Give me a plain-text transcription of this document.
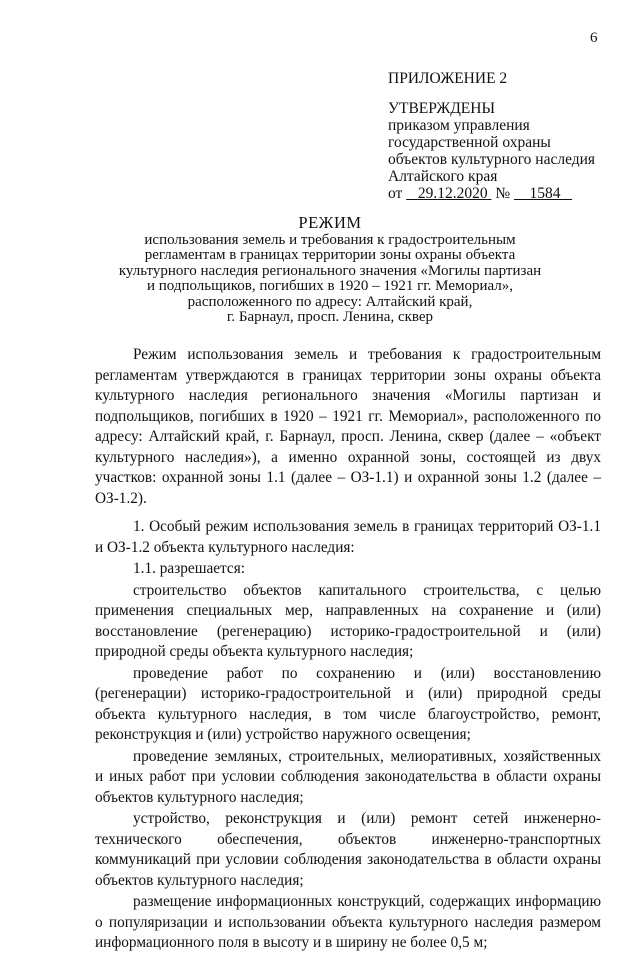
6
ПРИЛОЖЕНИЕ 2
УТВЕРЖДЕНЫ
приказом управления
государственной охраны
объектов культурного наследия
Алтайского края
от 29.12.2020 № 1584
РЕЖИМ
использования земель и требования к градостроительным
регламентам в границах территории зоны охраны объекта
культурного наследия регионального значения «Могилы партизан
и подпольщиков, погибших в 1920 – 1921 гг. Мемориал»,
расположенного по адресу: Алтайский край,
г. Барнаул, просп. Ленина, сквер

Режим использования земель и требования к градостроительным регламентам утверждаются в границах территории зоны охраны объекта культурного наследия регионального значения «Могилы партизан и подпольщиков, погибших в 1920 – 1921 гг. Мемориал», расположенного по адресу: Алтайский край, г. Барнаул, просп. Ленина, сквер (далее – «объект культурного наследия»), а именно охранной зоны, состоящей из двух участков: охранной зоны 1.1 (далее – ОЗ-1.1) и охранной зоны 1.2 (далее – ОЗ-1.2).

1. Особый режим использования земель в границах территорий ОЗ-1.1 и ОЗ-1.2 объекта культурного наследия:

1.1. разрешается:

строительство объектов капитального строительства, с целью применения специальных мер, направленных на сохранение и (или) восстановление (регенерацию) историко-градостроительной и (или) природной среды объекта культурного наследия;

проведение работ по сохранению и (или) восстановлению (регенерации) историко-градостроительной и (или) природной среды объекта культурного наследия, в том числе благоустройство, ремонт, реконструкция и (или) устройство наружного освещения;

проведение земляных, строительных, мелиоративных, хозяйственных и иных работ при условии соблюдения законодательства в области охраны объектов культурного наследия;

устройство, реконструкция и (или) ремонт сетей инженерно-технического обеспечения, объектов инженерно-транспортных коммуникаций при условии соблюдения законодательства в области охраны объектов культурного наследия;

размещение информационных конструкций, содержащих информацию о популяризации и использовании объекта культурного наследия размером информационного поля в высоту и в ширину не более 0,5 м;
